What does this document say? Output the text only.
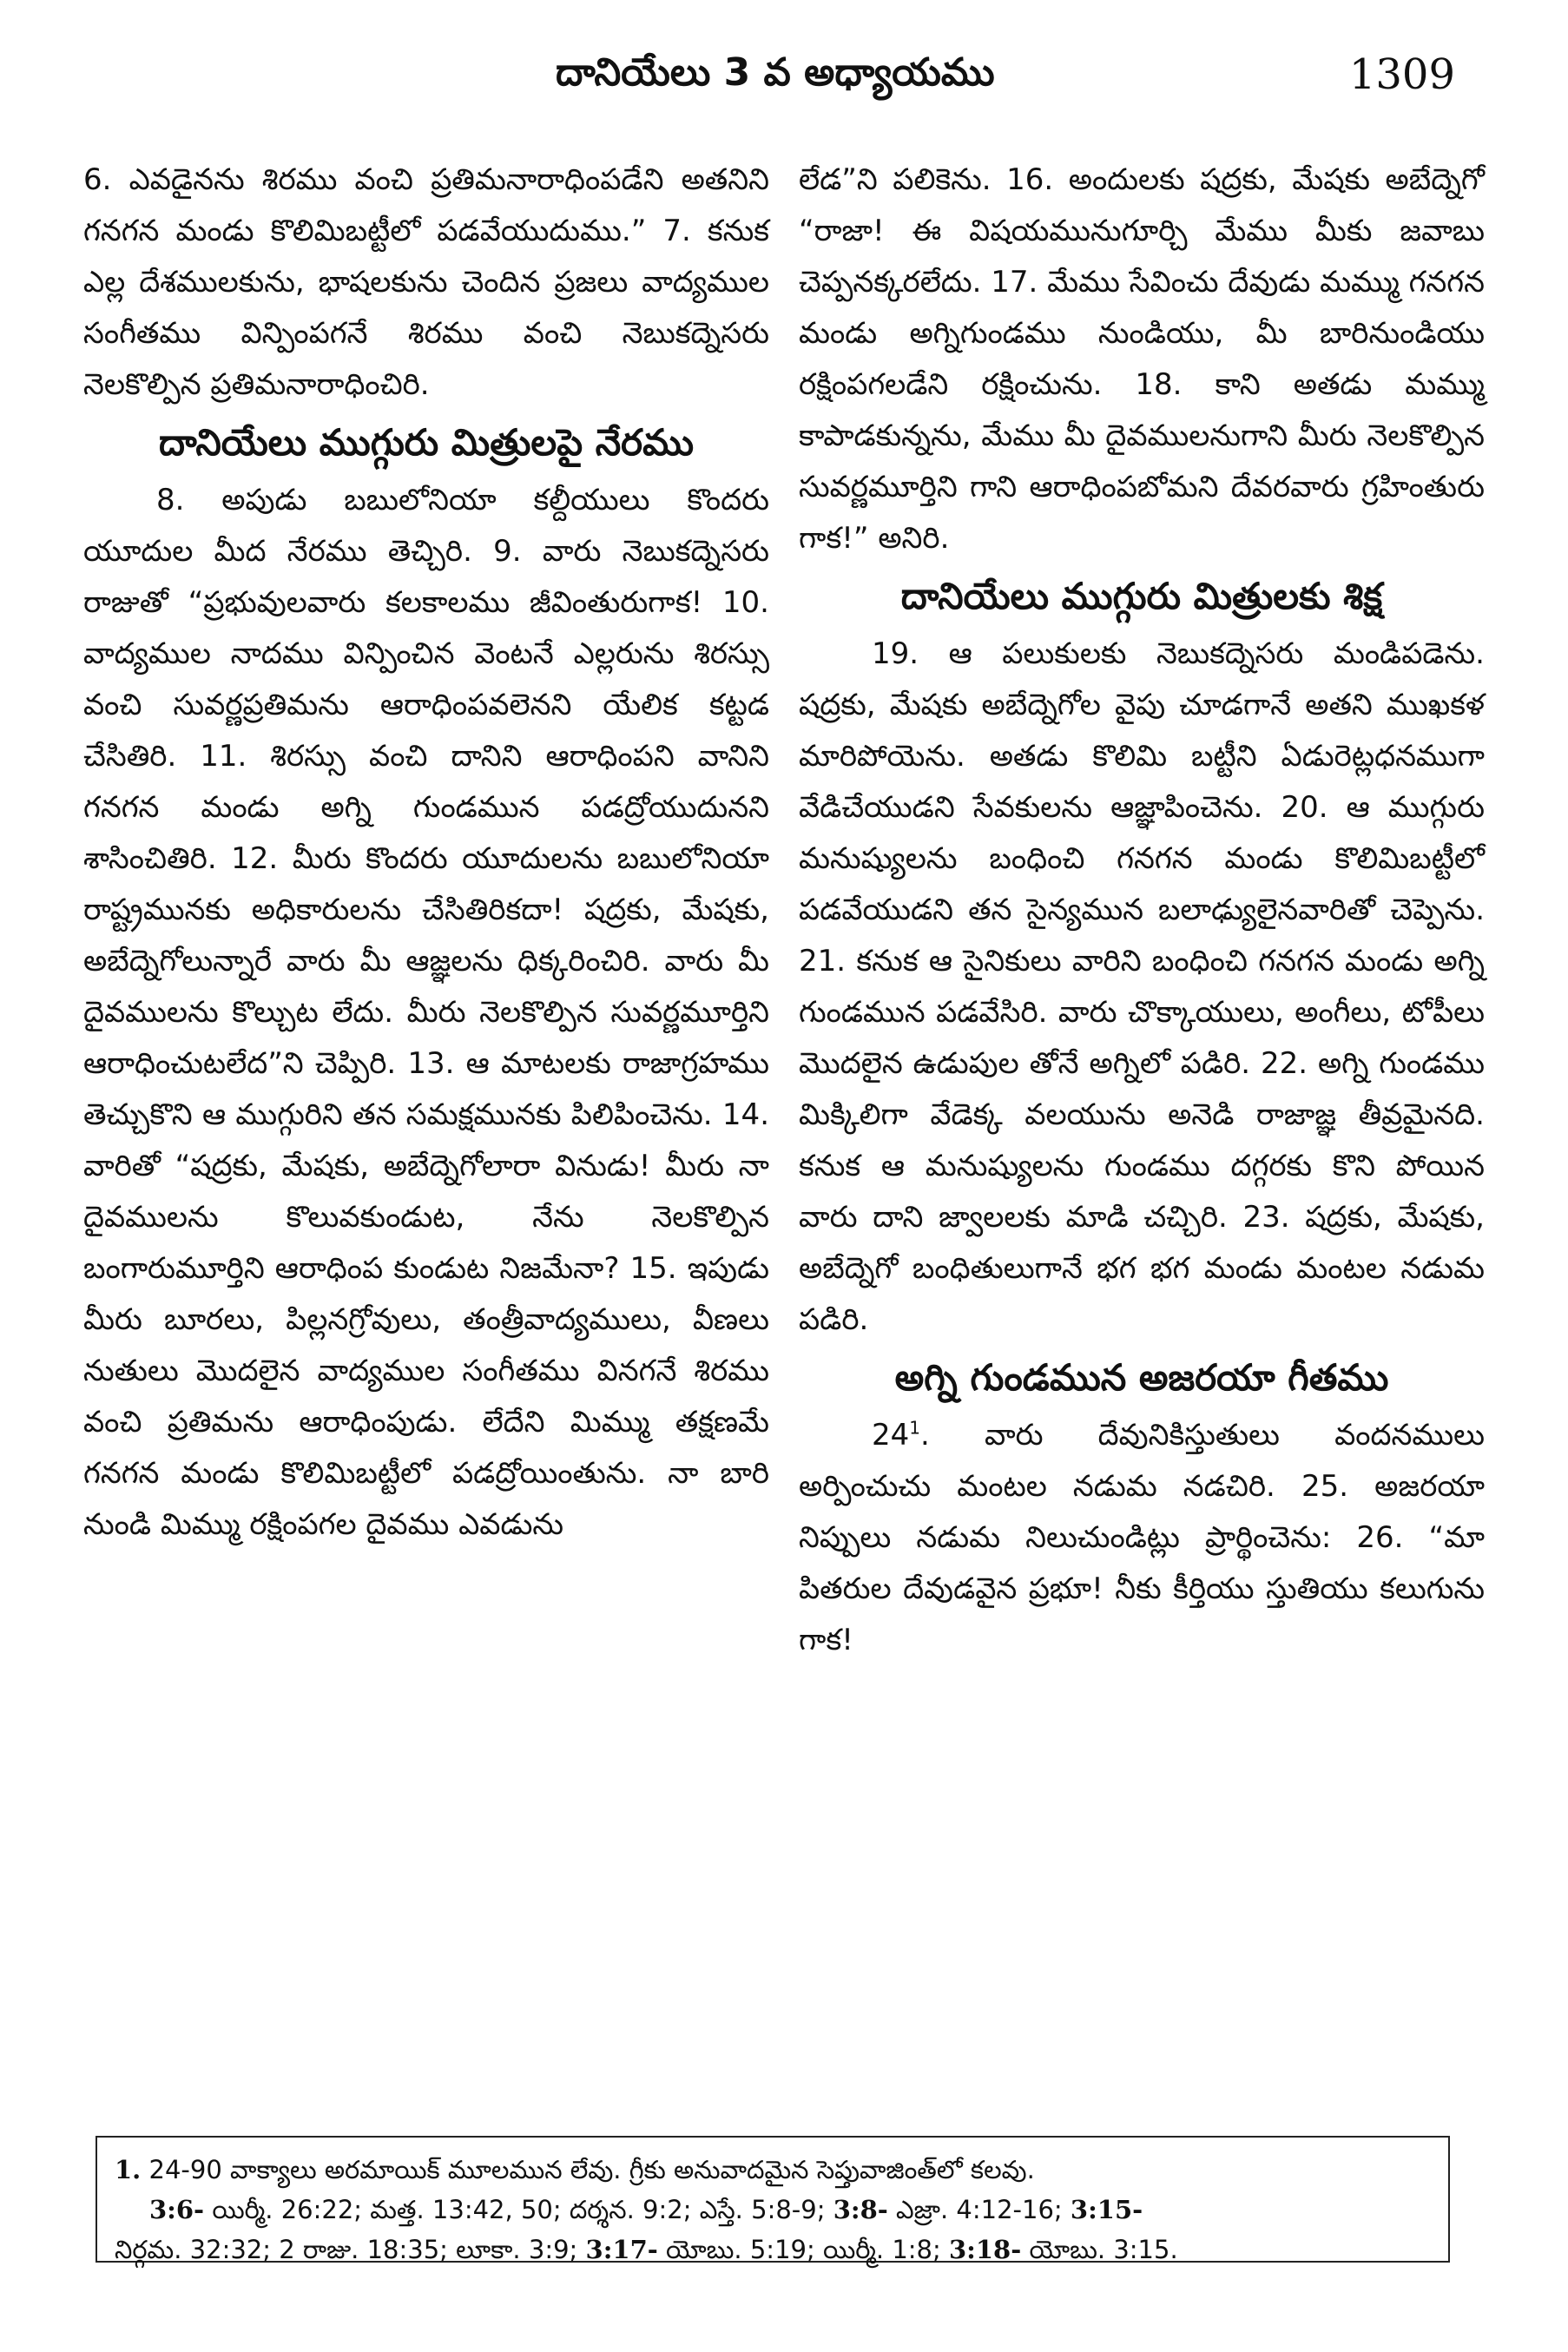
దానియేలు 3 వ అధ్యాయము	1309

6. ఎవడైనను శిరము వంచి ప్రతిమనారాధింపడేని అతనిని గనగన మండు కొలిమిబట్టీలో పడవేయుదుము.” 7. కనుక ఎల్ల దేశములకును, భాషలకును చెందిన ప్రజలు వాద్యముల సంగీతము విన్పింపగనే శిరము వంచి నెబుకద్నెసరు నెలకొల్పిన ప్రతిమనారాధించిరి.

దానియేలు ముగ్గురు మిత్రులపై నేరము

8. అపుడు బబులోనియా కల్దీయులు కొందరు యూదుల మీద నేరము తెచ్చిరి. 9. వారు నెబుకద్నెసరు రాజుతో “ప్రభువులవారు కలకాలము జీవింతురుగాక! 10. వాద్యముల నాదము విన్పించిన వెంటనే ఎల్లరును శిరస్సు వంచి సువర్ణప్రతిమను ఆరాధింపవలెనని యేలిక కట్టడ చేసితిరి. 11. శిరస్సు వంచి దానిని ఆరాధింపని వానిని గనగన మండు అగ్ని గుండమున పడద్రోయుదునని శాసించితిరి. 12. మీరు కొందరు యూదులను బబులోనియా రాష్ట్రమునకు అధికారులను చేసితిరికదా! షద్రకు, మేషకు, అబేద్నెగోలున్నారే వారు మీ ఆజ్ఞలను ధిక్కరించిరి. వారు మీ దైవములను కొల్చుట లేదు. మీరు నెలకొల్పిన సువర్ణమూర్తిని ఆరాధించుటలేద”ని చెప్పిరి. 13. ఆ మాటలకు రాజాగ్రహము తెచ్చుకొని ఆ ముగ్గురిని తన సమక్షమునకు పిలిపించెను. 14. వారితో “షద్రకు, మేషకు, అబేద్నెగోలారా వినుడు! మీరు నా దైవములను కొలువకుండుట, నేను నెలకొల్పిన బంగారుమూర్తిని ఆరాధింప కుండుట నిజమేనా? 15. ఇపుడు మీరు బూరలు, పిల్లనగ్రోవులు, తంత్రీవాద్యములు, వీణలు నుతులు మొదలైన వాద్యముల సంగీతము వినగనే శిరము వంచి ప్రతిమను ఆరాధింపుడు. లేదేని మిమ్ము తక్షణమే గనగన మండు కొలిమిబట్టీలో పడద్రోయింతును. నా బారి నుండి మిమ్ము రక్షింపగల దైవము ఎవడును

లేడ”ని పలికెను. 16. అందులకు షద్రకు, మేషకు అబేద్నెగో “రాజా! ఈ విషయమునుగూర్చి మేము మీకు జవాబు చెప్పనక్కరలేదు. 17. మేము సేవించు దేవుడు మమ్ము గనగన మండు అగ్నిగుండము నుండియు, మీ బారినుండియు రక్షింపగలడేని రక్షించును. 18. కాని అతడు మమ్ము కాపాడకున్నను, మేము మీ దైవములనుగాని మీరు నెలకొల్పిన సువర్ణమూర్తిని గాని ఆరాధింపబోమని దేవరవారు గ్రహింతురు గాక!” అనిరి.

దానియేలు ముగ్గురు మిత్రులకు శిక్ష

19. ఆ పలుకులకు నెబుకద్నెసరు మండిపడెను. షద్రకు, మేషకు అబేద్నెగోల వైపు చూడగానే అతని ముఖకళ మారిపోయెను. అతడు కొలిమి బట్టీని ఏడురెట్లధనముగా వేడిచేయుడని సేవకులను ఆజ్ఞాపించెను. 20. ఆ ముగ్గురు మనుష్యులను బంధించి గనగన మండు కొలిమిబట్టీలో పడవేయుడని తన సైన్యమున బలాఢ్యులైనవారితో చెప్పెను. 21. కనుక ఆ సైనికులు వారిని బంధించి గనగన మండు అగ్ని గుండమున పడవేసిరి. వారు చొక్కాయులు, అంగీలు, టోపీలు మొదలైన ఉడుపుల తోనే అగ్నిలో పడిరి. 22. అగ్ని గుండము మిక్కిలిగా వేడెక్క వలయును అనెడి రాజాజ్ఞ తీవ్రమైనది. కనుక ఆ మనుష్యులను గుండము దగ్గరకు కొని పోయిన వారు దాని జ్వాలలకు మాడి చచ్చిరి. 23. షద్రకు, మేషకు, అబేద్నెగో బంధితులుగానే భగ భగ మండు మంటల నడుమ పడిరి.

అగ్ని గుండమున అజరయా గీతము

$24^1$. వారు దేవునికిస్తుతులు వందనములు అర్పించుచు మంటల నడుమ నడచిరి. 25. అజరయా నిప్పులు నడుమ నిలుచుండిట్లు ప్రార్థించెను: 26. “మా పితరుల దేవుడవైన ప్రభూ! నీకు కీర్తియు స్తుతియు కలుగును గాక!

1. 24-90 వాక్యాలు అరమాయిక్ మూలమున లేవు. గ్రీకు అనువాదమైన సెప్తువాజింత్‌లో కలవు.
3:6- యిర్మీ. 26:22; మత్త. 13:42, 50; దర్శన. 9:2; ఎస్తే. 5:8-9; 3:8- ఎజ్రా. 4:12-16; 3:15-
నిర్గమ. 32:32; 2 రాజు. 18:35; లూకా. 3:9; 3:17- యోబు. 5:19; యిర్మీ. 1:8; 3:18- యోబు. 3:15.
